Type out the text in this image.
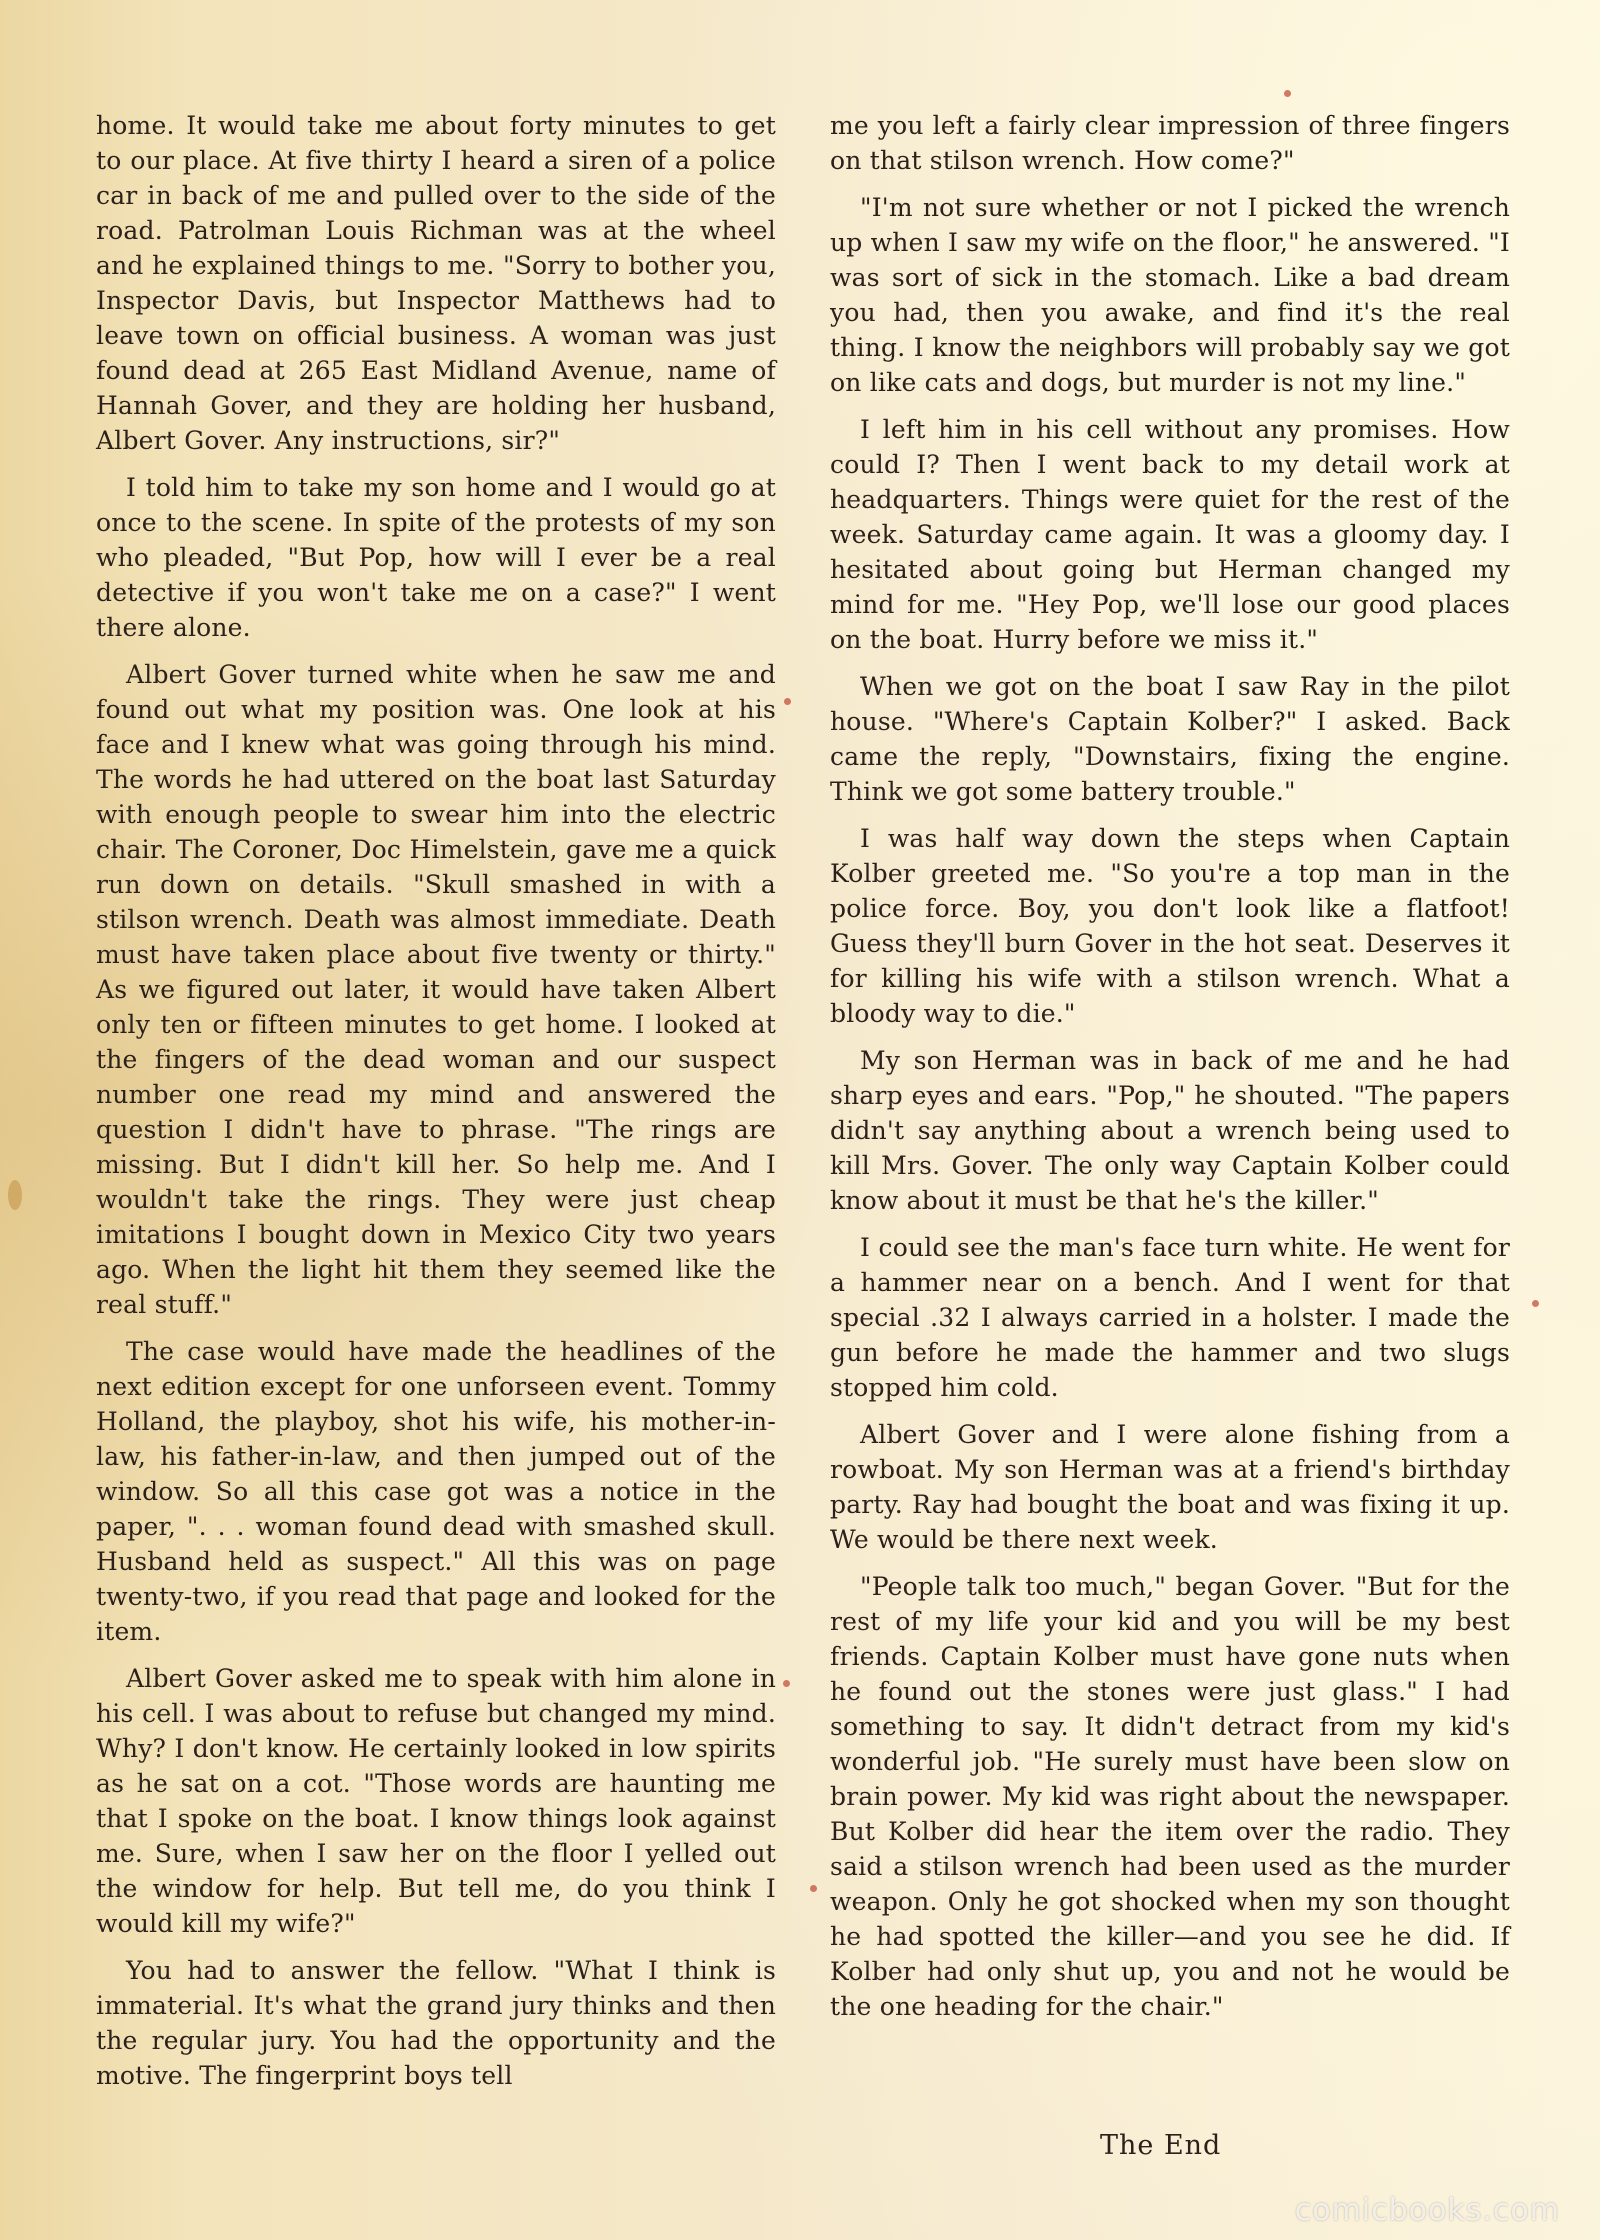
home. It would take me about forty minutes to get to our place. At five thirty I heard a siren of a police car in back of me and pulled over to the side of the road. Patrolman Louis Richman was at the wheel and he explained things to me. "Sorry to bother you, Inspector Davis, but Inspector Matthews had to leave town on official business. A woman was just found dead at 265 East Midland Avenue, name of Hannah Gover, and they are holding her husband, Albert Gover. Any instructions, sir?"

I told him to take my son home and I would go at once to the scene. In spite of the protests of my son who pleaded, "But Pop, how will I ever be a real detective if you won't take me on a case?" I went there alone.

Albert Gover turned white when he saw me and found out what my position was. One look at his face and I knew what was going through his mind. The words he had uttered on the boat last Saturday with enough people to swear him into the electric chair. The Coroner, Doc Himelstein, gave me a quick run down on details. "Skull smashed in with a stilson wrench. Death was almost immediate. Death must have taken place about five twenty or thirty." As we figured out later, it would have taken Albert only ten or fifteen minutes to get home. I looked at the fingers of the dead woman and our suspect number one read my mind and answered the question I didn't have to phrase. "The rings are missing. But I didn't kill her. So help me. And I wouldn't take the rings. They were just cheap imitations I bought down in Mexico City two years ago. When the light hit them they seemed like the real stuff."

The case would have made the headlines of the next edition except for one unforseen event. Tommy Holland, the playboy, shot his wife, his mother-in-law, his father-in-law, and then jumped out of the window. So all this case got was a notice in the paper, ". . . woman found dead with smashed skull. Husband held as suspect." All this was on page twenty-two, if you read that page and looked for the item.

Albert Gover asked me to speak with him alone in his cell. I was about to refuse but changed my mind. Why? I don't know. He certainly looked in low spirits as he sat on a cot. "Those words are haunting me that I spoke on the boat. I know things look against me. Sure, when I saw her on the floor I yelled out the window for help. But tell me, do you think I would kill my wife?"

You had to answer the fellow. "What I think is immaterial. It's what the grand jury thinks and then the regular jury. You had the opportunity and the motive. The fingerprint boys tell

me you left a fairly clear impression of three fingers on that stilson wrench. How come?"

"I'm not sure whether or not I picked the wrench up when I saw my wife on the floor," he answered. "I was sort of sick in the stomach. Like a bad dream you had, then you awake, and find it's the real thing. I know the neighbors will probably say we got on like cats and dogs, but murder is not my line."

I left him in his cell without any promises. How could I? Then I went back to my detail work at headquarters. Things were quiet for the rest of the week. Saturday came again. It was a gloomy day. I hesitated about going but Herman changed my mind for me. "Hey Pop, we'll lose our good places on the boat. Hurry before we miss it."

When we got on the boat I saw Ray in the pilot house. "Where's Captain Kolber?" I asked. Back came the reply, "Downstairs, fixing the engine. Think we got some battery trouble."

I was half way down the steps when Captain Kolber greeted me. "So you're a top man in the police force. Boy, you don't look like a flatfoot! Guess they'll burn Gover in the hot seat. Deserves it for killing his wife with a stilson wrench. What a bloody way to die."

My son Herman was in back of me and he had sharp eyes and ears. "Pop," he shouted. "The papers didn't say anything about a wrench being used to kill Mrs. Gover. The only way Captain Kolber could know about it must be that he's the killer."

I could see the man's face turn white. He went for a hammer near on a bench. And I went for that special .32 I always carried in a holster. I made the gun before he made the hammer and two slugs stopped him cold.

Albert Gover and I were alone fishing from a rowboat. My son Herman was at a friend's birthday party. Ray had bought the boat and was fixing it up. We would be there next week.

"People talk too much," began Gover. "But for the rest of my life your kid and you will be my best friends. Captain Kolber must have gone nuts when he found out the stones were just glass." I had something to say. It didn't detract from my kid's wonderful job. "He surely must have been slow on brain power. My kid was right about the newspaper. But Kolber did hear the item over the radio. They said a stilson wrench had been used as the murder weapon. Only he got shocked when my son thought he had spotted the killer—and you see he did. If Kolber had only shut up, you and not he would be the one heading for the chair."

The End
comicbooks.com
